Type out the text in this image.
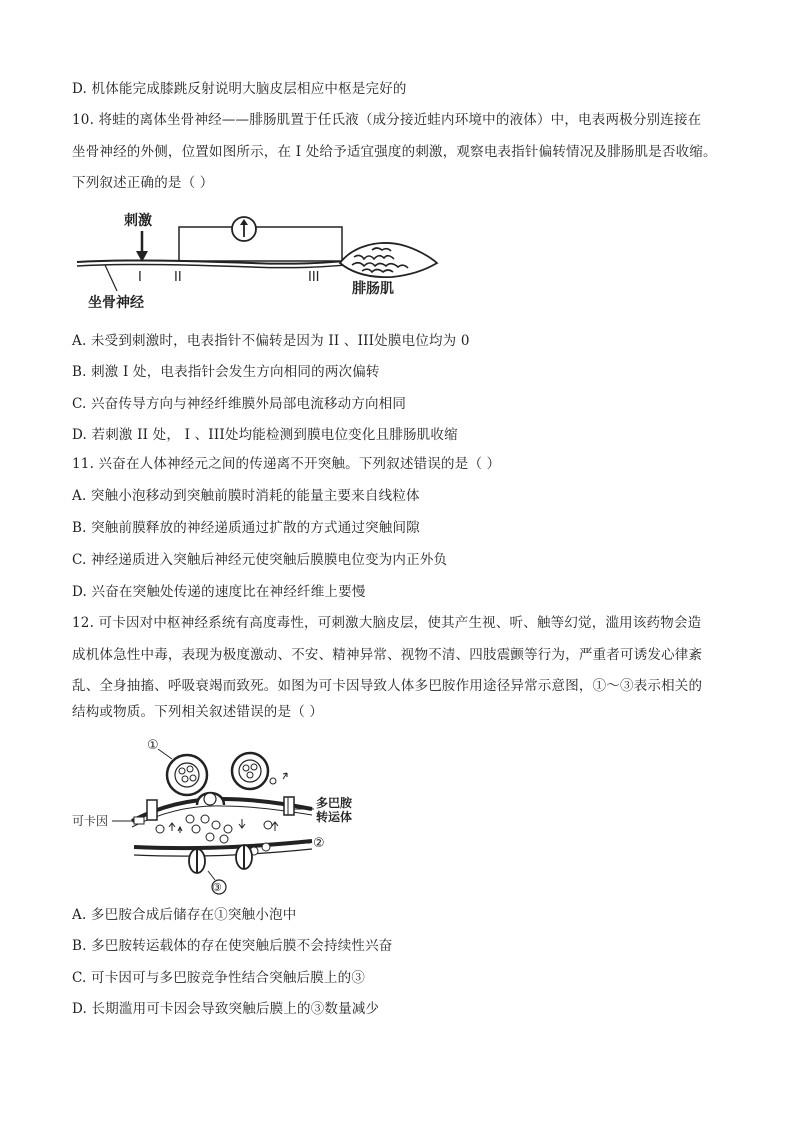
D. 机体能完成膝跳反射说明大脑皮层相应中枢是完好的
10. 将蛙的离体坐骨神经——腓肠肌置于任氏液（成分接近蛙内环境中的液体）中，电表两极分别连接在
坐骨神经的外侧，位置如图所示，在 I 处给予适宜强度的刺激，观察电表指针偏转情况及腓肠肌是否收缩。
下列叙述正确的是（ ）
刺激
I II	III
坐骨神经
腓肠肌
A. 未受到刺激时，电表指针不偏转是因为 II 、III处膜电位均为 0
B. 刺激 I 处，电表指针会发生方向相同的两次偏转
C. 兴奋传导方向与神经纤维膜外局部电流移动方向相同
D. 若刺激 II 处， I 、III处均能检测到膜电位变化且腓肠肌收缩
11. 兴奋在人体神经元之间的传递离不开突触。下列叙述错误的是（ ）
A. 突触小泡移动到突触前膜时消耗的能量主要来自线粒体
B. 突触前膜释放的神经递质通过扩散的方式通过突触间隙
C. 神经递质进入突触后神经元使突触后膜膜电位变为内正外负
D. 兴奋在突触处传递的速度比在神经纤维上要慢
12. 可卡因对中枢神经系统有高度毒性，可刺激大脑皮层，使其产生视、听、触等幻觉，滥用该药物会造
成机体急性中毒，表现为极度激动、不安、精神异常、视物不清、四肢震颤等行为，严重者可诱发心律紊
乱、全身抽搐、呼吸衰竭而致死。如图为可卡因导致人体多巴胺作用途径异常示意图，①～③表示相关的
结构或物质。下列相关叙述错误的是（ ）
①
可卡因
③
②
多巴胺
转运体
A. 多巴胺合成后储存在①突触小泡中
B. 多巴胺转运载体的存在使突触后膜不会持续性兴奋
C. 可卡因可与多巴胺竞争性结合突触后膜上的③
D. 长期滥用可卡因会导致突触后膜上的③数量减少
